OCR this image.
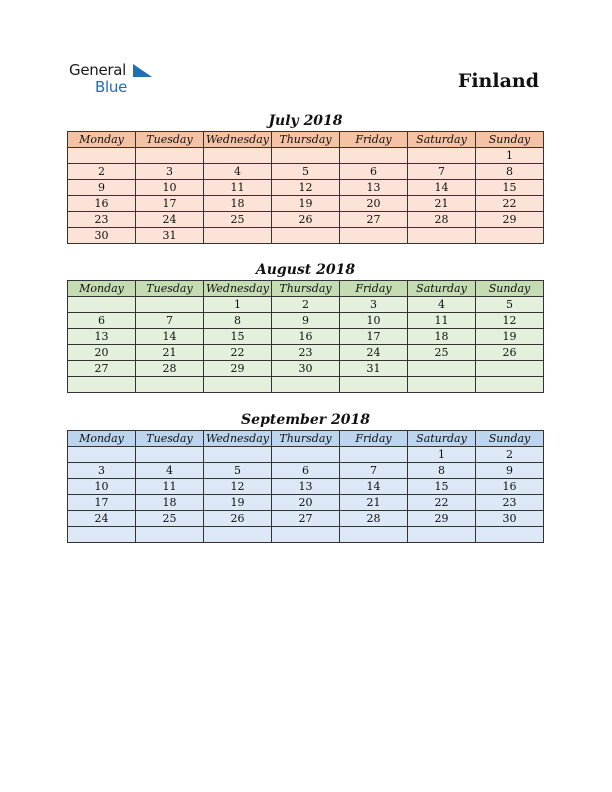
General
Blue	Finland
July 2018
Monday	Tuesday	Wednesday	Thursday	Friday	Saturday	Sunday
						1
2	3	4	5	6	7	8
9	10	11	12	13	14	15
16	17	18	19	20	21	22
23	24	25	26	27	28	29
30	31					
August 2018
Monday	Tuesday	Wednesday	Thursday	Friday	Saturday	Sunday
		1	2	3	4	5
6	7	8	9	10	11	12
13	14	15	16	17	18	19
20	21	22	23	24	25	26
27	28	29	30	31		

September 2018
Monday	Tuesday	Wednesday	Thursday	Friday	Saturday	Sunday
					1	2
3	4	5	6	7	8	9
10	11	12	13	14	15	16
17	18	19	20	21	22	23
24	25	26	27	28	29	30
